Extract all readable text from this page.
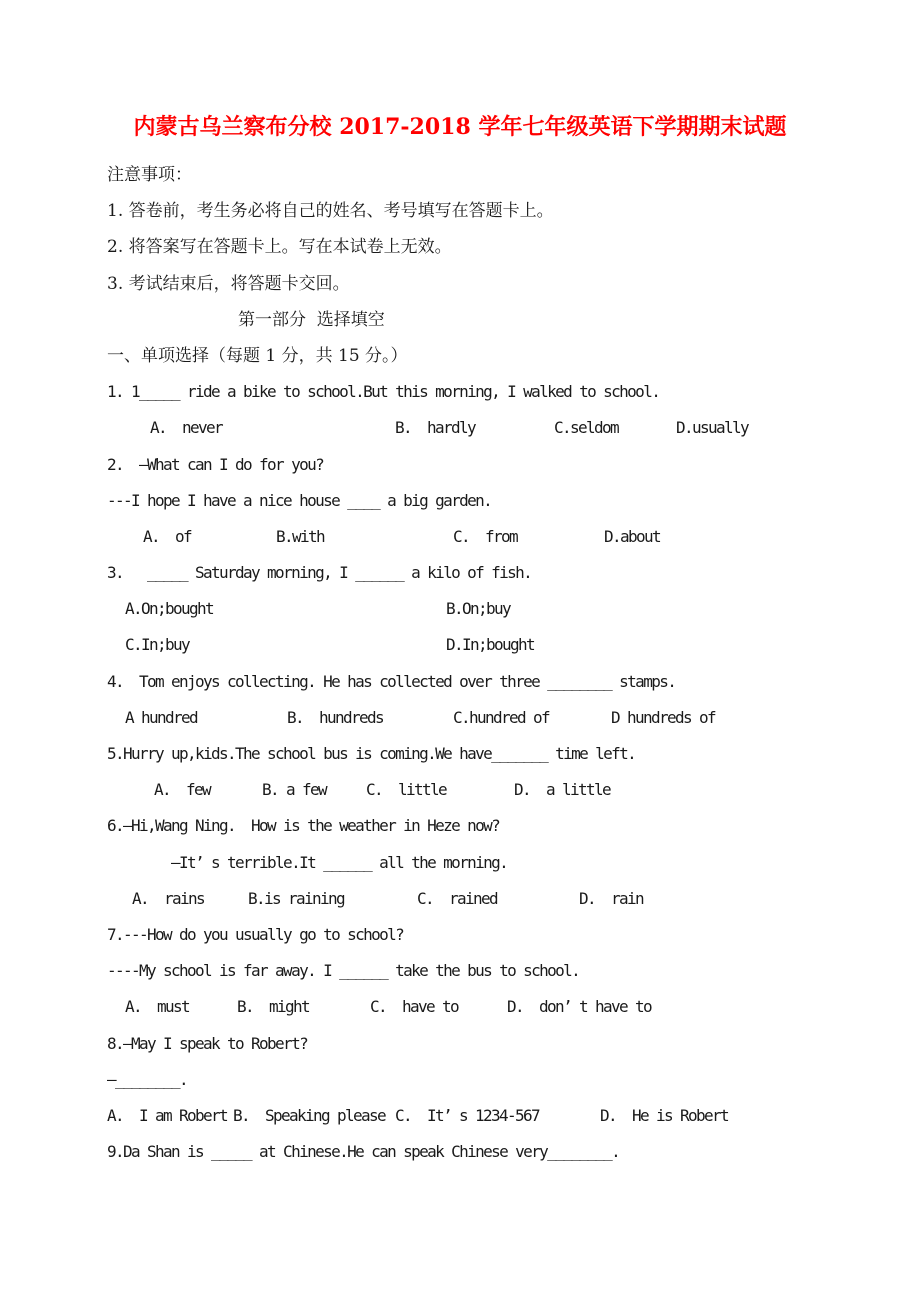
内蒙古乌兰察布分校 2017-2018 学年七年级英语下学期期末试题
注意事项：
1. 答卷前，考生务必将自己的姓名、考号填写在答题卡上。
2. 将答案写在答题卡上。写在本试卷上无效。
3. 考试结束后，将答题卡交回。
第一部分  选择填空
一、单项选择（每题 1 分，共 15 分。）
1. 1_____ ride a bike to school.But this morning, I walked to school.

A.  never

	B.  hardly

	C.seldom

	D.usually

2.  —What can I do for you?
---I hope I have a nice house ____ a big garden.

A.  of

	B.with

	C.  from

	D.about

3.   _____ Saturday morning, I ______ a kilo of fish.

A.On;bought

	B.On;buy

C.In;buy

	D.In;bought

4.  Tom enjoys collecting. He has collected over three ________ stamps.

A hundred

	B.  hundreds

	C.hundred of

	D hundreds of

5.Hurry up,kids.The school bus is coming.We have_______ time left.

A.  few

	B. a few

C.  little

	D.  a little

6.—Hi,Wang Ning.  How is the weather in Heze now?
—It’ s terrible.It ______ all the morning.

A.  rains

	B.is raining

	C.  rained

	D.  rain

7.---How do you usually go to school?
----My school is far away. I ______ take the bus to school.

A.  must

	B.  might

	C.  have to

	D.  don’ t have to

8.—May I speak to Robert?
—________.

A.  I am Robert

B.  Speaking please

C.  It’ s 1234-567

	D.  He is Robert

9.Da Shan is _____ at Chinese.He can speak Chinese very________.
